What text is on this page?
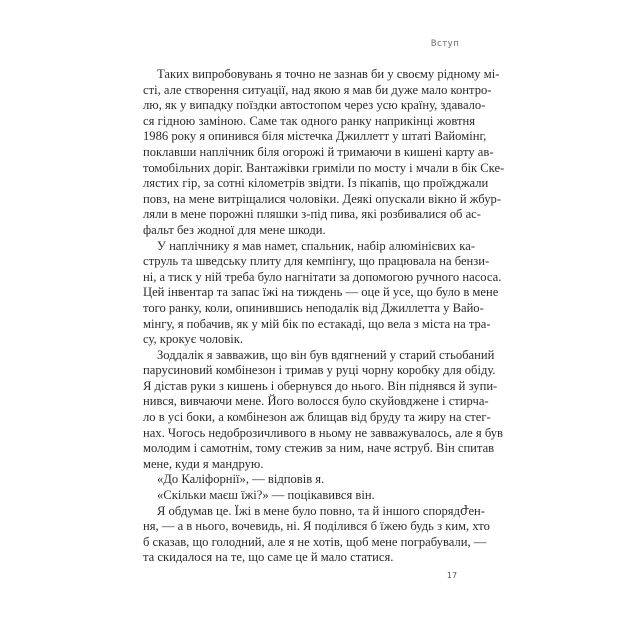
Вступ

Таких випробовувань я точно не зазнав би у своєму рідному мі-
сті, але створення ситуації, над якою я мав би дуже мало контро-
лю, як у випадку поїздки автостопом через усю країну, здавало-
ся гідною заміною. Саме так одного ранку наприкінці жовтня
1986 року я опинився біля містечка Джиллетт у штаті Вайомінг,
поклавши наплічник біля огорожі й тримаючи в кишені карту ав-
томобільних доріг. Вантажівки гриміли по мосту і мчали в бік Ске-
лястих гір, за сотні кілометрів звідти. Із пікапів, що проїжджали
повз, на мене витріщалися чоловіки. Деякі опускали вікно й жбур-
ляли в мене порожні пляшки з-під пива, які розбивалися об ас-
фальт без жодної для мене шкоди.

У наплічнику я мав намет, спальник, набір алюмінієвих ка-
струль та шведську плиту для кемпінгу, що працювала на бензи-
ні, а тиск у ній треба було нагнітати за допомогою ручного насоса.
Цей інвентар та запас їжі на тиждень — оце й усе, що було в мене
того ранку, коли, опинившись неподалік від Джиллетта у Вайо-
мінгу, я побачив, як у мій бік по естакаді, що вела з міста на тра-
су, крокує чоловік.

Зоддалік я завважив, що він був вдягнений у старий стьобаний
парусиновий комбінезон і тримав у руці чорну коробку для обіду.
Я дістав руки з кишень і обернувся до нього. Він піднявся й зупи-
нився, вивчаючи мене. Його волосся було скуйовджене і стирча-
ло в усі боки, а комбінезон аж блищав від бруду та жиру на стег-
нах. Чогось недоброзичливого в ньому не завважувалось, але я був
молодим і самотнім, тому стежив за ним, наче яструб. Він спитав
мене, куди я мандрую.

«До Каліфорнії», — відповів я.

«Скільки маєш їжі?» — поцікавився він.

Я обдумав це. Їжі в мене було повно, та й іншого спорядժен-
ня, — а в нього, вочевидь, ні. Я поділився б їжею будь з ким, хто
б сказав, що голодний, але я не хотів, щоб мене пограбували, —
та скидалося на те, що саме це й мало статися.

17
